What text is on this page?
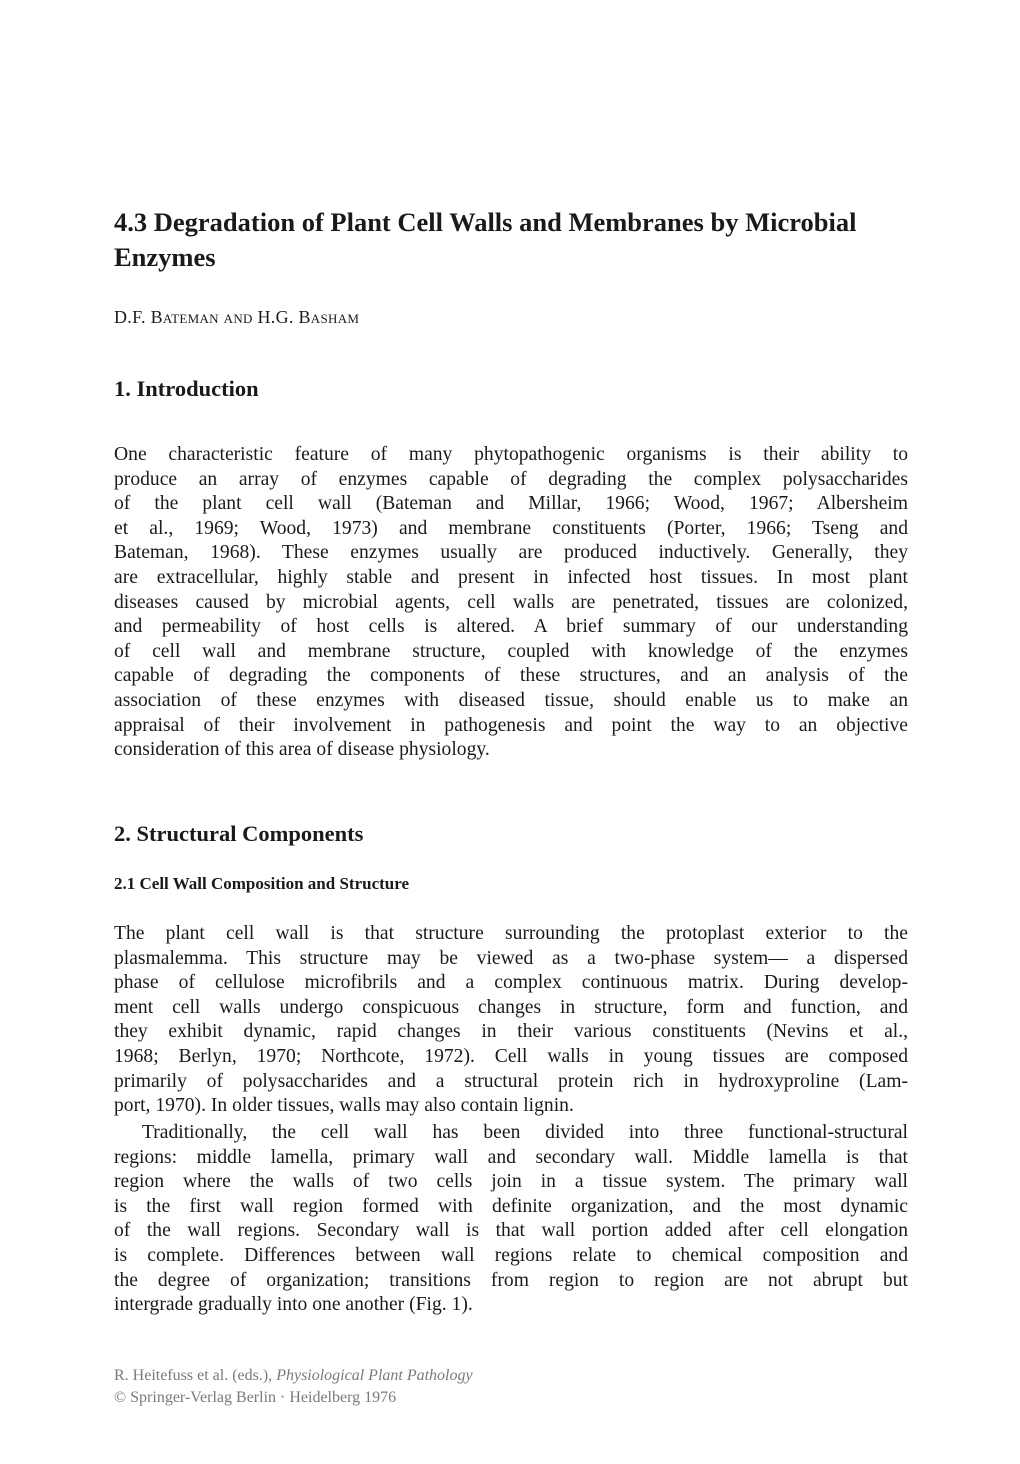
4.3 Degradation of Plant Cell Walls and Membranes by Microbial Enzymes

D.F. Bateman and H.G. Basham

1. Introduction
One characteristic feature of many phytopathogenic organisms is their ability to
produce an array of enzymes capable of degrading the complex polysaccharides
of the plant cell wall (Bateman and Millar, 1966; Wood, 1967; Albersheim
et al., 1969; Wood, 1973) and membrane constituents (Porter, 1966; Tseng and
Bateman, 1968). These enzymes usually are produced inductively. Generally, they
are extracellular, highly stable and present in infected host tissues. In most plant
diseases caused by microbial agents, cell walls are penetrated, tissues are colonized,
and permeability of host cells is altered. A brief summary of our understanding
of cell wall and membrane structure, coupled with knowledge of the enzymes
capable of degrading the components of these structures, and an analysis of the
association of these enzymes with diseased tissue, should enable us to make an
appraisal of their involvement in pathogenesis and point the way to an objective
consideration of this area of disease physiology.
2. Structural Components
2.1 Cell Wall Composition and Structure
The plant cell wall is that structure surrounding the protoplast exterior to the
plasmalemma. This structure may be viewed as a two-phase system— a dispersed
phase of cellulose microfibrils and a complex continuous matrix. During develop-
ment cell walls undergo conspicuous changes in structure, form and function, and
they exhibit dynamic, rapid changes in their various constituents (Nevins et al.,
1968; Berlyn, 1970; Northcote, 1972). Cell walls in young tissues are composed
primarily of polysaccharides and a structural protein rich in hydroxyproline (Lam-
port, 1970). In older tissues, walls may also contain lignin.
Traditionally, the cell wall has been divided into three functional-structural
regions: middle lamella, primary wall and secondary wall. Middle lamella is that
region where the walls of two cells join in a tissue system. The primary wall
is the first wall region formed with definite organization, and the most dynamic
of the wall regions. Secondary wall is that wall portion added after cell elongation
is complete. Differences between wall regions relate to chemical composition and
the degree of organization; transitions from region to region are not abrupt but
intergrade gradually into one another (Fig. 1).
R. Heitefuss et al. (eds.), Physiological Plant Pathology
© Springer-Verlag Berlin · Heidelberg 1976
